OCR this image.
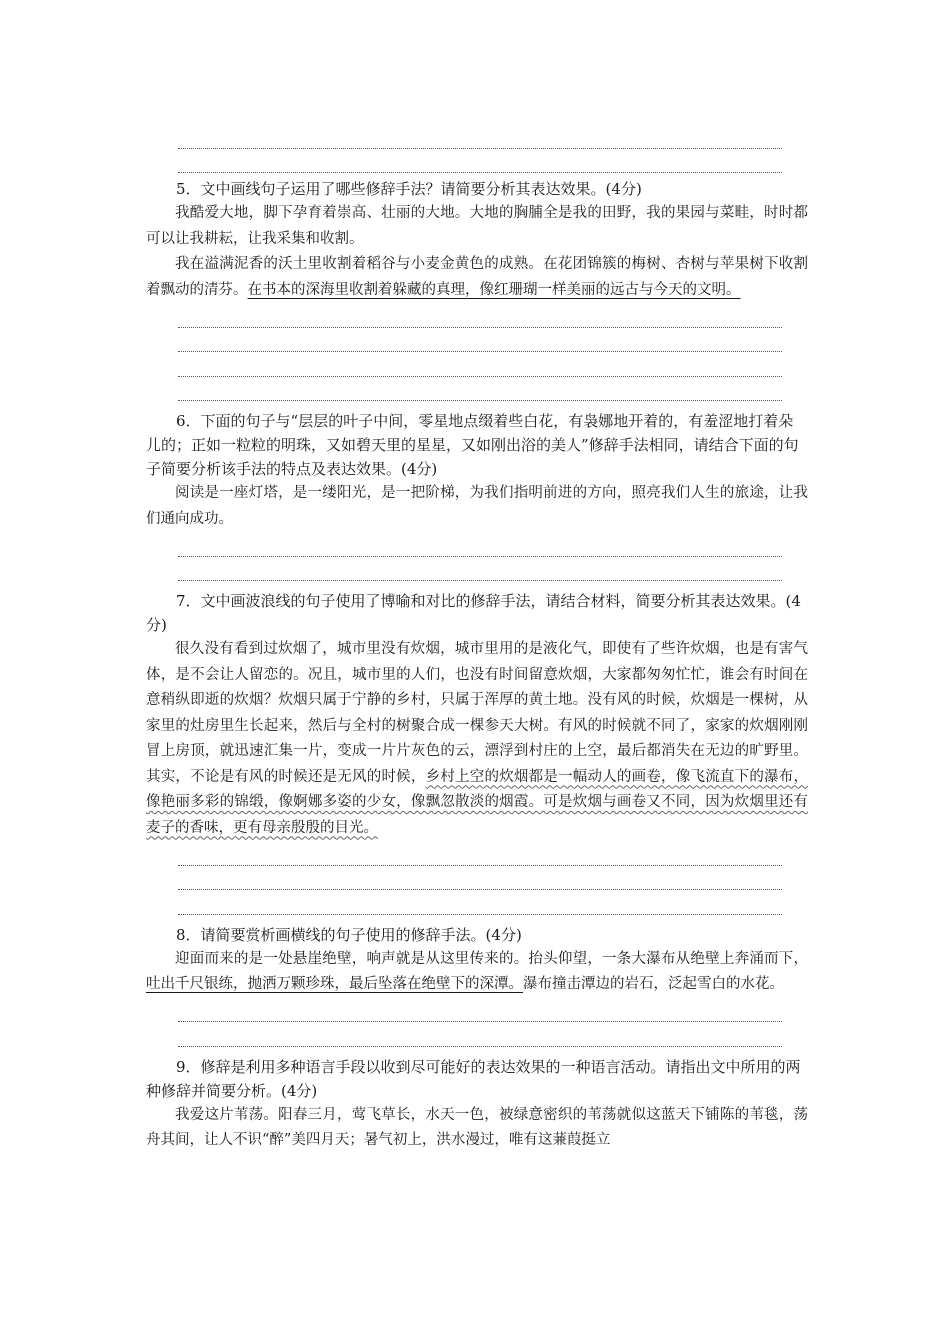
5．文中画线句子运用了哪些修辞手法？请简要分析其表达效果。(4分)

我酷爱大地，脚下孕育着崇高、壮丽的大地。大地的胸脯全是我的田野，我的果园与菜畦，时时都可以让我耕耘，让我采集和收割。

我在溢满泥香的沃土里收割着稻谷与小麦金黄色的成熟。在花团锦簇的梅树、杏树与苹果树下收割着飘动的清芬。在书本的深海里收割着躲藏的真理，像红珊瑚一样美丽的远古与今天的文明。

6．下面的句子与“层层的叶子中间，零星地点缀着些白花，有袅娜地开着的，有羞涩地打着朵儿的；正如一粒粒的明珠，又如碧天里的星星，又如刚出浴的美人”修辞手法相同，请结合下面的句子简要分析该手法的特点及表达效果。(4分)

阅读是一座灯塔，是一缕阳光，是一把阶梯，为我们指明前进的方向，照亮我们人生的旅途，让我们通向成功。

7．文中画波浪线的句子使用了博喻和对比的修辞手法，请结合材料，简要分析其表达效果。(4分)

很久没有看到过炊烟了，城市里没有炊烟，城市里用的是液化气，即使有了些许炊烟，也是有害气体，是不会让人留恋的。况且，城市里的人们，也没有时间留意炊烟，大家都匆匆忙忙，谁会有时间在意稍纵即逝的炊烟？炊烟只属于宁静的乡村，只属于浑厚的黄土地。没有风的时候，炊烟是一棵树，从家里的灶房里生长起来，然后与全村的树聚合成一棵参天大树。有风的时候就不同了，家家的炊烟刚刚冒上房顶，就迅速汇集一片，变成一片片灰色的云，漂浮到村庄的上空，最后都消失在无边的旷野里。其实，不论是有风的时候还是无风的时候，乡村上空的炊烟都是一幅动人的画卷，像飞流直下的瀑布，像艳丽多彩的锦缎，像婀娜多姿的少女，像飘忽散淡的烟霞。可是炊烟与画卷又不同，因为炊烟里还有麦子的香味，更有母亲殷殷的目光。

8．请简要赏析画横线的句子使用的修辞手法。(4分)

迎面而来的是一处悬崖绝壁，响声就是从这里传来的。抬头仰望，一条大瀑布从绝壁上奔涌而下，吐出千尺银练，抛洒万颗珍珠，最后坠落在绝壁下的深潭。瀑布撞击潭边的岩石，泛起雪白的水花。

9．修辞是利用多种语言手段以收到尽可能好的表达效果的一种语言活动。请指出文中所用的两种修辞并简要分析。(4分)

我爱这片苇荡。阳春三月，莺飞草长，水天一色，被绿意密织的苇荡就似这蓝天下铺陈的苇毯，荡舟其间，让人不识“醉”美四月天；暑气初上，洪水漫过，唯有这蒹葭挺立
